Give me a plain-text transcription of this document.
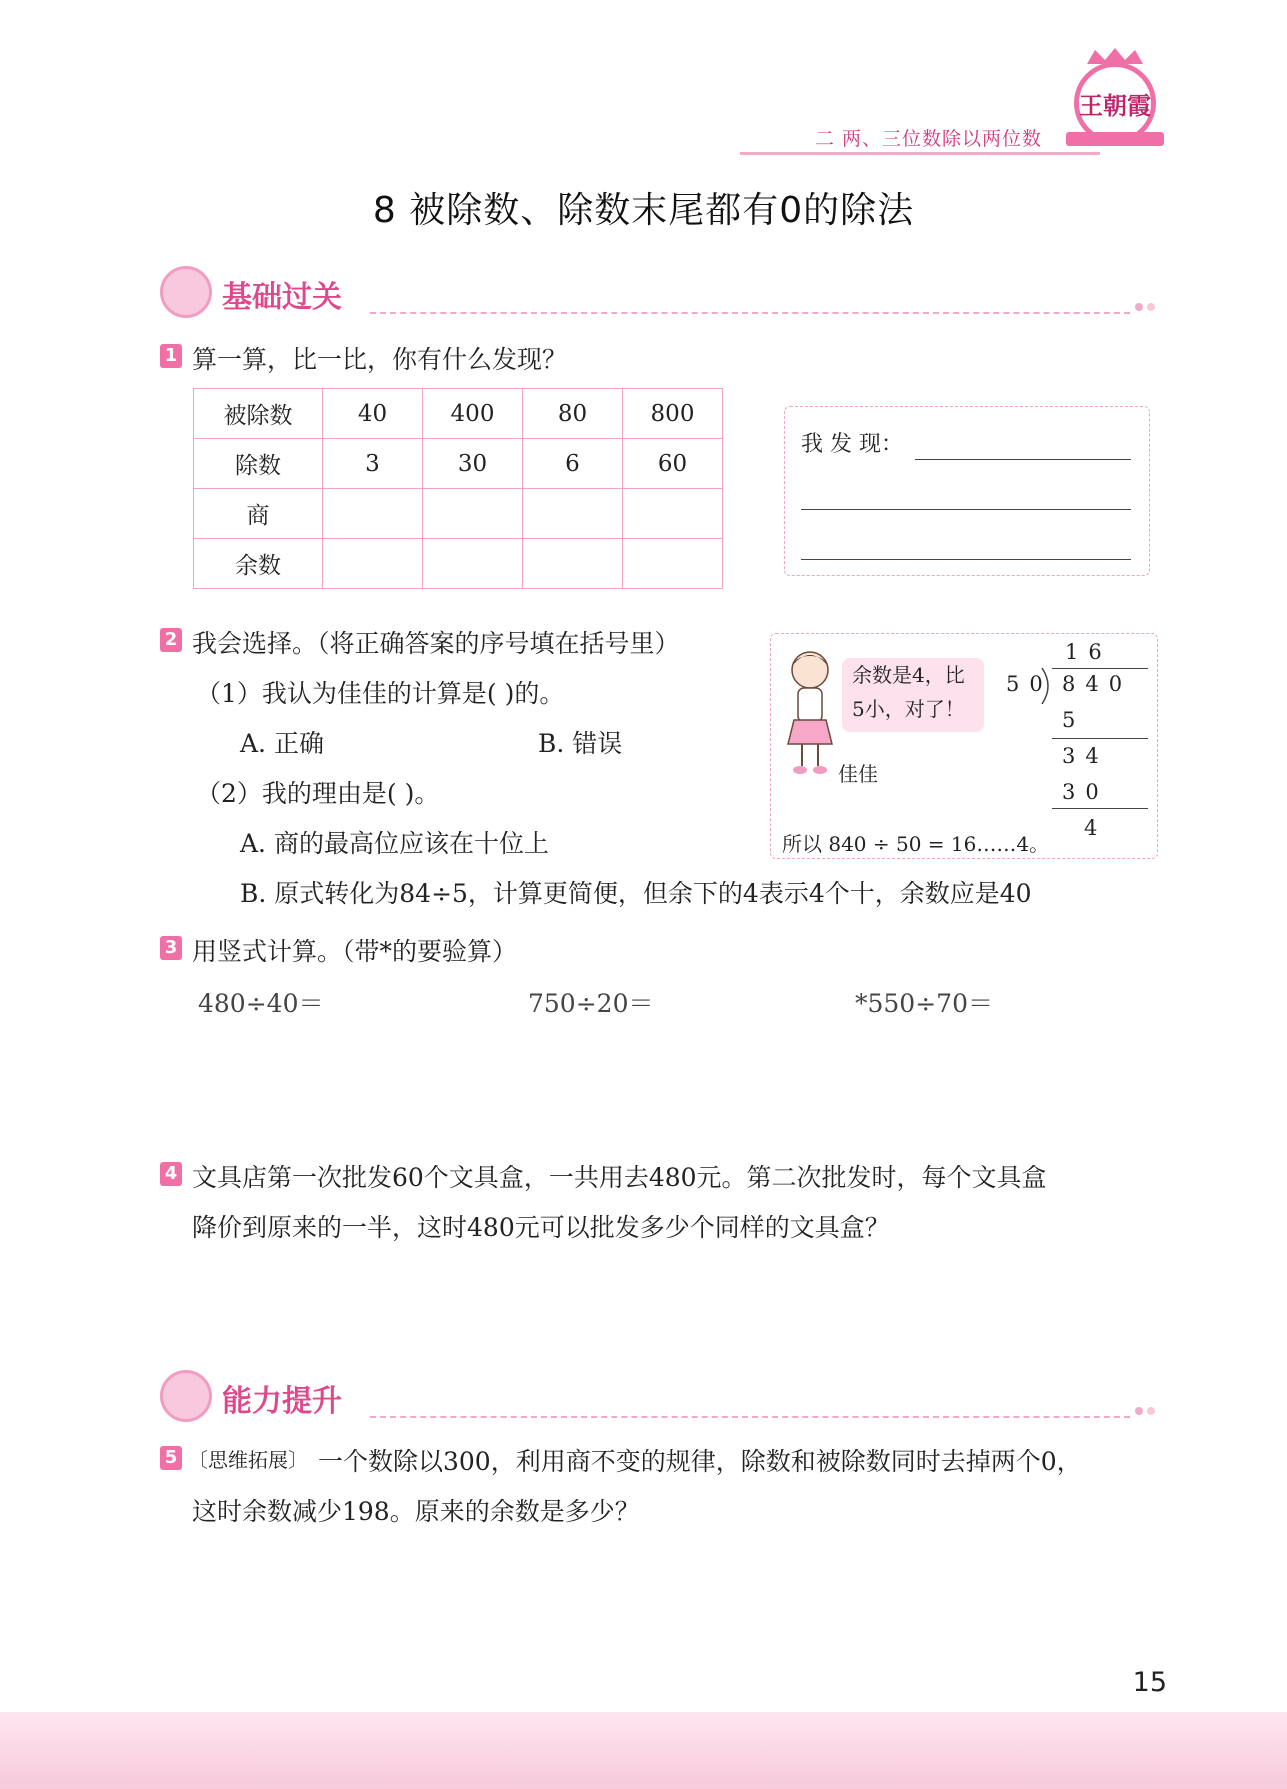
二 两、三位数除以两位数
王朝霞
8 被除数、除数末尾都有0的除法
基础过关
1 算一算，比一比，你有什么发现？
被除数	40	400	80	800
除数	3	30	6	60
商				
余数				
我 发 现：
2 我会选择。（将正确答案的序号填在括号里）
（1）我认为佳佳的计算是( )的。
A. 正确	B. 错误
（2）我的理由是( )。
A. 商的最高位应该在十位上
B. 原式转化为84÷5，计算更简便，但余下的4表示4个十，余数应是40
余数是4，比
5小，对了！
佳佳
16
50 840
5
34
30
4
所以 840 ÷ 50 = 16……4。
3 用竖式计算。（带*的要验算）
480÷40＝	750÷20＝	*550÷70＝
4 文具店第一次批发60个文具盒，一共用去480元。第二次批发时，每个文具盒
降价到原来的一半，这时480元可以批发多少个同样的文具盒？
能力提升
5 〔思维拓展〕 一个数除以300，利用商不变的规律，除数和被除数同时去掉两个0，
这时余数减少198。原来的余数是多少？
15
